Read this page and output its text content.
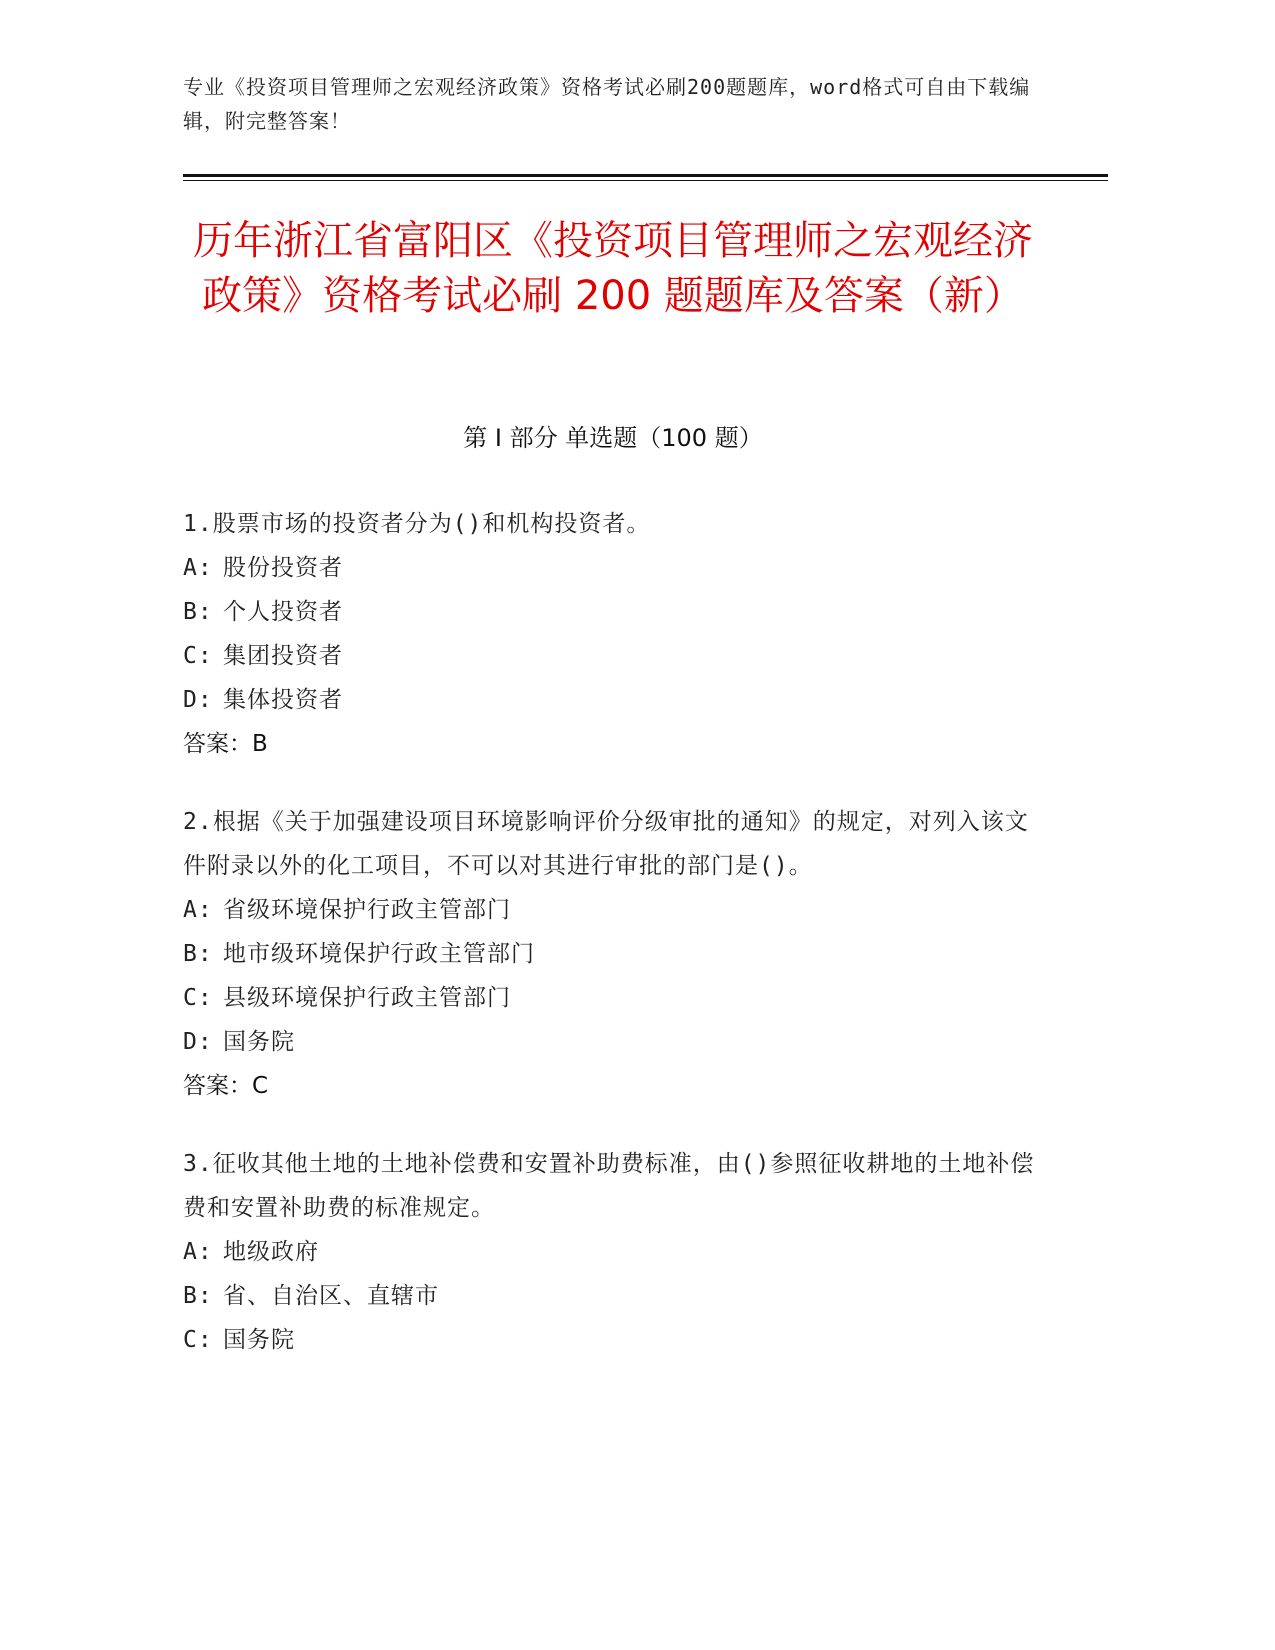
专业《投资项目管理师之宏观经济政策》资格考试必刷200题题库，word格式可自由下载编辑，附完整答案！
历年浙江省富阳区《投资项目管理师之宏观经济政策》资格考试必刷 200 题题库及答案（新）
第 I 部分 单选题（100 题）

1.股票市场的投资者分为()和机构投资者。

A: 股份投资者

B: 个人投资者

C: 集团投资者

D: 集体投资者

答案：B

2.根据《关于加强建设项目环境影响评价分级审批的通知》的规定，对列入该文件附录以外的化工项目，不可以对其进行审批的部门是()。

A: 省级环境保护行政主管部门

B: 地市级环境保护行政主管部门

C: 县级环境保护行政主管部门

D: 国务院

答案：C

3.征收其他土地的土地补偿费和安置补助费标准，由()参照征收耕地的土地补偿费和安置补助费的标准规定。

A: 地级政府

B: 省、自治区、直辖市

C: 国务院
